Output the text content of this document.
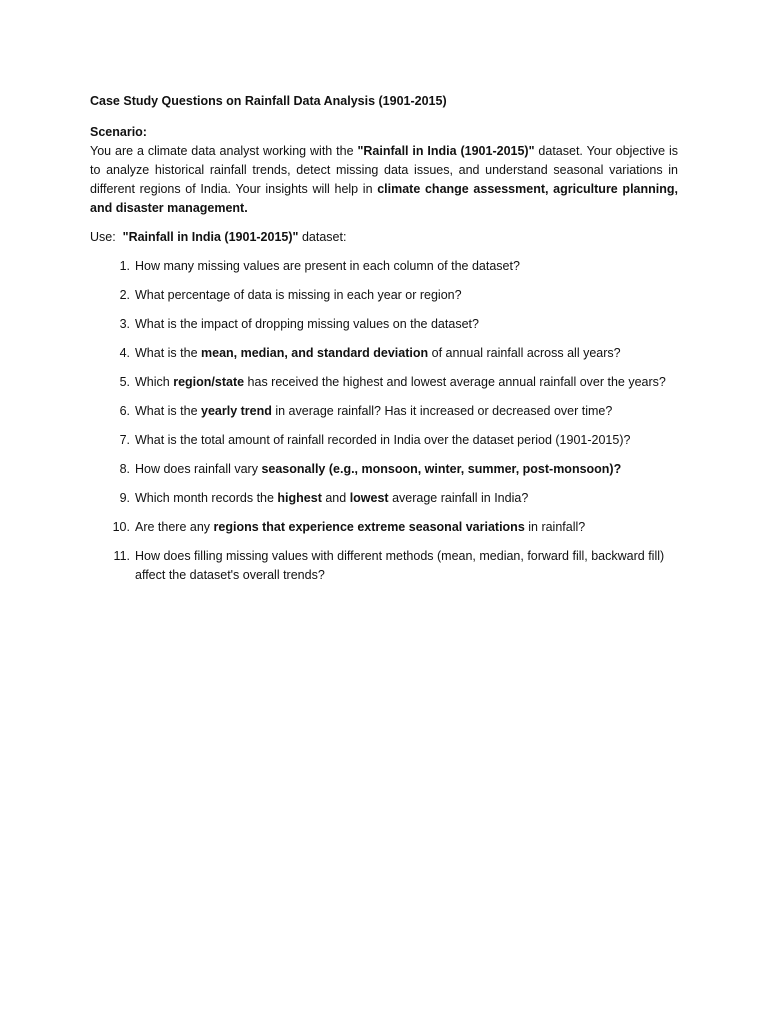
Case Study Questions on Rainfall Data Analysis (1901-2015)

Scenario:

You are a climate data analyst working with the "Rainfall in India (1901-2015)" dataset. Your objective is to analyze historical rainfall trends, detect missing data issues, and understand seasonal variations in different regions of India. Your insights will help in climate change assessment, agriculture planning, and disaster management.

Use:  "Rainfall in India (1901-2015)" dataset:

1. How many missing values are present in each column of the dataset?
2. What percentage of data is missing in each year or region?
3. What is the impact of dropping missing values on the dataset?
4. What is the mean, median, and standard deviation of annual rainfall across all years?
5. Which region/state has received the highest and lowest average annual rainfall over the years?
6. What is the yearly trend in average rainfall? Has it increased or decreased over time?
7. What is the total amount of rainfall recorded in India over the dataset period (1901-2015)?
8. How does rainfall vary seasonally (e.g., monsoon, winter, summer, post-monsoon)?
9. Which month records the highest and lowest average rainfall in India?
10. Are there any regions that experience extreme seasonal variations in rainfall?
11. How does filling missing values with different methods (mean, median, forward fill, backward fill) affect the dataset's overall trends?
